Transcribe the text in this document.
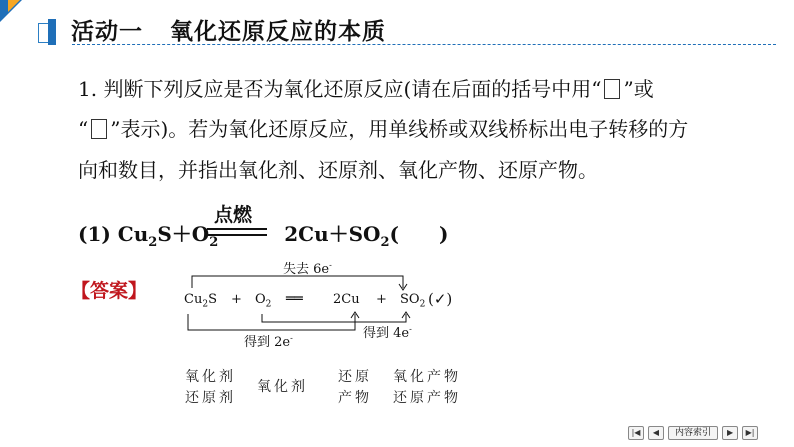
活动一 氧化还原反应的本质
1. 判断下列反应是否为氧化还原反应(请在后面的括号中用“ ”或
“ ”表示)。若为氧化还原反应，用单线桥或双线桥标出电子转移的方
向和数目，并指出氧化剂、还原剂、氧化产物、还原产物。
点燃
(1) $Cu_2S+O_2$	$2Cu+SO_2$(　　)
【答案】
失去 6e-
$Cu_2S + O_2$ ══ $2Cu + SO_2$ (✓)
得到 4e-
得到 2e-
氧化剂
还原剂
氧化剂
还原
产物
氧化产物
还原产物
|◀	◀	内容索引	▶	▶|
